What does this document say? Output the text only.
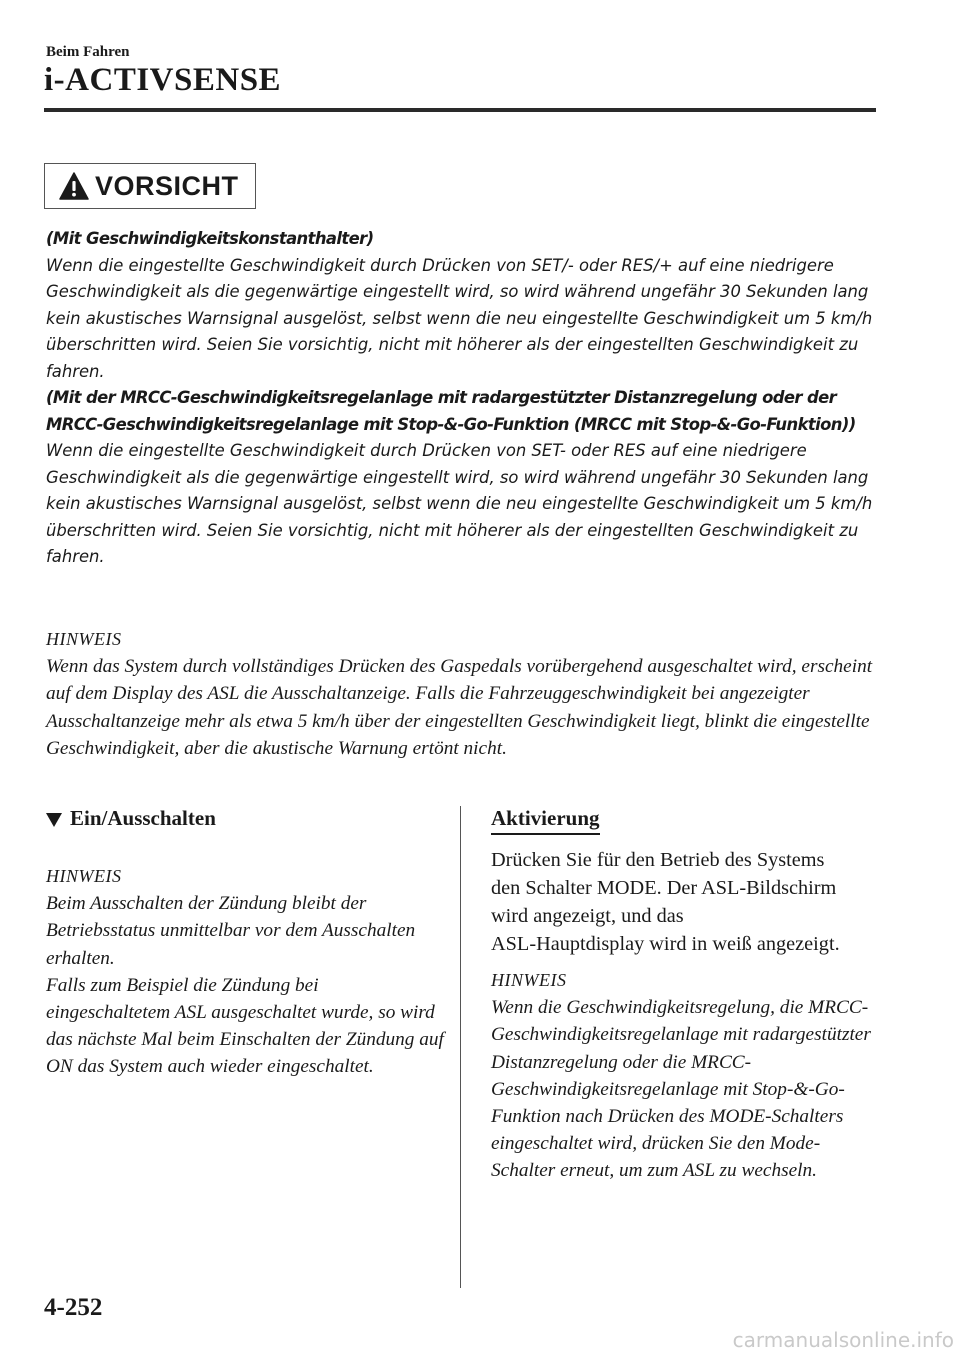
Beim Fahren
i-ACTIVSENSE
VORSICHT

(Mit Geschwindigkeitskonstanthalter)

Wenn die eingestellte Geschwindigkeit durch Drücken von SET/- oder RES/+ auf eine niedrigere Geschwindigkeit als die gegenwärtige eingestellt wird, so wird während ungefähr 30 Sekunden lang kein akustisches Warnsignal ausgelöst, selbst wenn die neu eingestellte Geschwindigkeit um 5 km/h überschritten wird. Seien Sie vorsichtig, nicht mit höherer als der eingestellten Geschwindigkeit zu fahren.

(Mit der MRCC-Geschwindigkeitsregelanlage mit radargestützter Distanzregelung oder der MRCC-Geschwindigkeitsregelanlage mit Stop-&-Go-Funktion (MRCC mit Stop-&-Go-Funktion))

Wenn die eingestellte Geschwindigkeit durch Drücken von SET- oder RES auf eine niedrigere Geschwindigkeit als die gegenwärtige eingestellt wird, so wird während ungefähr 30 Sekunden lang kein akustisches Warnsignal ausgelöst, selbst wenn die neu eingestellte Geschwindigkeit um 5 km/h überschritten wird. Seien Sie vorsichtig, nicht mit höherer als der eingestellten Geschwindigkeit zu fahren.

HINWEIS

Wenn das System durch vollständiges Drücken des Gaspedals vorübergehend ausgeschaltet wird, erscheint auf dem Display des ASL die Ausschaltanzeige. Falls die Fahrzeuggeschwindigkeit bei angezeigter Ausschaltanzeige mehr als etwa 5 km/h über der eingestellten Geschwindigkeit liegt, blinkt die eingestellte Geschwindigkeit, aber die akustische Warnung ertönt nicht.

Ein/Ausschalten
HINWEIS

Beim Ausschalten der Zündung bleibt der Betriebsstatus unmittelbar vor dem Ausschalten erhalten.

Falls zum Beispiel die Zündung bei eingeschaltetem ASL ausgeschaltet wurde, so wird das nächste Mal beim Einschalten der Zündung auf ON das System auch wieder eingeschaltet.

Aktivierung

Drücken Sie für den Betrieb des Systems

den Schalter MODE. Der ASL-Bildschirm

wird angezeigt, und das

ASL-Hauptdisplay wird in weiß angezeigt.

HINWEIS

Wenn die Geschwindigkeitsregelung, die MRCC-Geschwindigkeitsregelanlage mit radargestützter Distanzregelung oder die MRCC-Geschwindigkeitsregelanlage mit Stop-&-Go-Funktion nach Drücken des MODE-Schalters eingeschaltet wird, drücken Sie den Mode-Schalter erneut, um zum ASL zu wechseln.

4-252
carmanualsonline.info
